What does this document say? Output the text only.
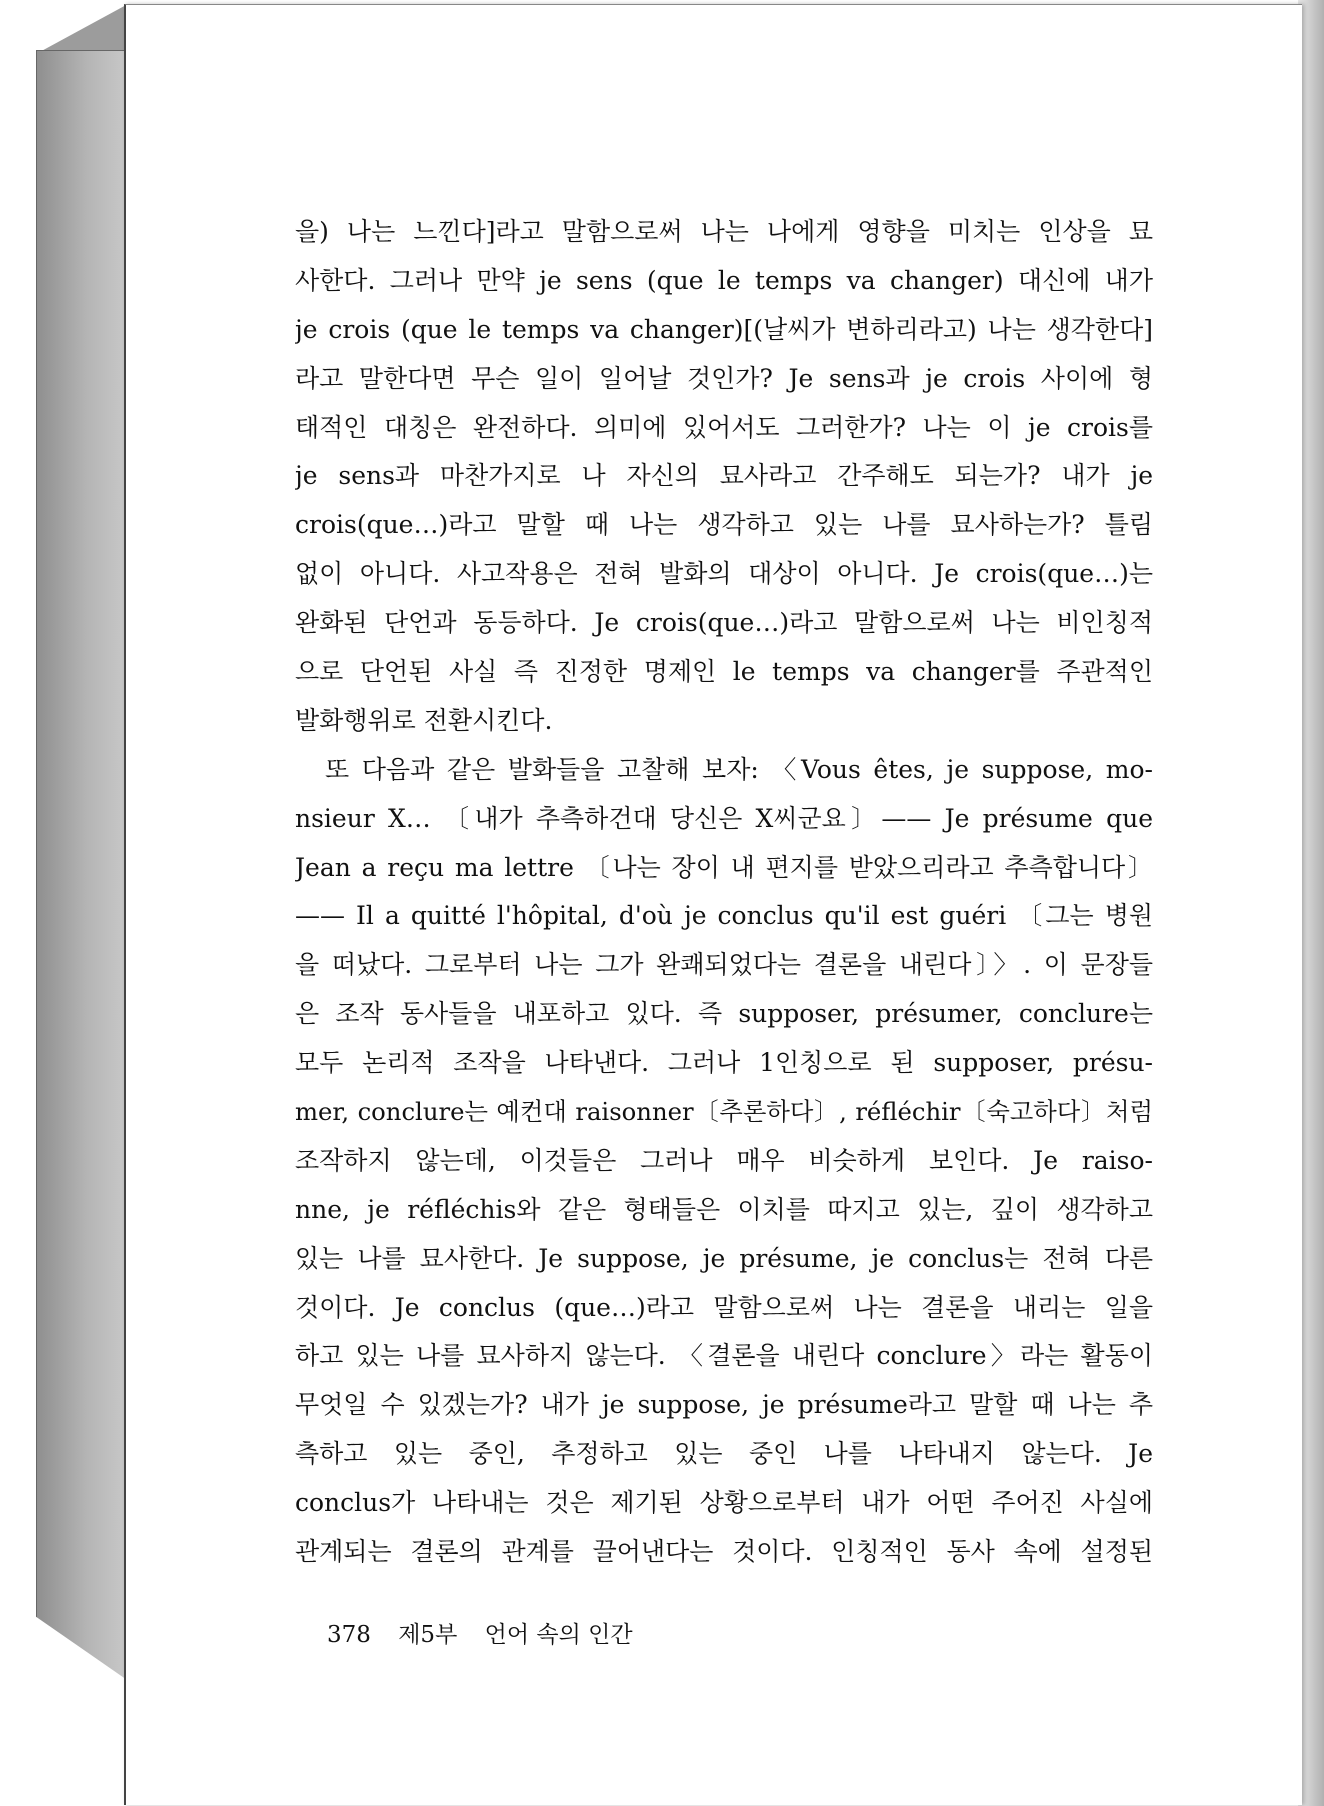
을) 나는 느낀다]라고 말함으로써 나는 나에게 영향을 미치는 인상을 묘
사한다. 그러나 만약 je sens (que le temps va changer) 대신에 내가
je crois (que le temps va changer)[(날씨가 변하리라고) 나는 생각한다]
라고 말한다면 무슨 일이 일어날 것인가? Je sens과 je crois 사이에 형
태적인 대칭은 완전하다. 의미에 있어서도 그러한가? 나는 이 je crois를
je sens과 마찬가지로 나 자신의 묘사라고 간주해도 되는가? 내가 je
crois(que…)라고 말할 때 나는 생각하고 있는 나를 묘사하는가? 틀림
없이 아니다. 사고작용은 전혀 발화의 대상이 아니다. Je crois(que…)는
완화된 단언과 동등하다. Je crois(que…)라고 말함으로써 나는 비인칭적
으로 단언된 사실 즉 진정한 명제인 le temps va changer를 주관적인
발화행위로 전환시킨다.
또 다음과 같은 발화들을 고찰해 보자: 〈Vous êtes, je suppose, mo-
nsieur X… 〔내가 추측하건대 당신은 X씨군요〕—— Je présume que
Jean a reçu ma lettre 〔나는 장이 내 편지를 받았으리라고 추측합니다〕
—— Il a quitté l'hôpital, d'où je conclus qu'il est guéri 〔그는 병원
을 떠났다. 그로부터 나는 그가 완쾌되었다는 결론을 내린다〕〉. 이 문장들
은 조작 동사들을 내포하고 있다. 즉 supposer, présumer, conclure는
모두 논리적 조작을 나타낸다. 그러나 1인칭으로 된 supposer, présu-
mer, conclure는 예컨대 raisonner〔추론하다〕, réfléchir〔숙고하다〕처럼
조작하지 않는데, 이것들은 그러나 매우 비슷하게 보인다. Je raiso-
nne, je réfléchis와 같은 형태들은 이치를 따지고 있는, 깊이 생각하고
있는 나를 묘사한다. Je suppose, je présume, je conclus는 전혀 다른
것이다. Je conclus (que…)라고 말함으로써 나는 결론을 내리는 일을
하고 있는 나를 묘사하지 않는다. 〈결론을 내린다 conclure〉라는 활동이
무엇일 수 있겠는가? 내가 je suppose, je présume라고 말할 때 나는 추
측하고 있는 중인, 추정하고 있는 중인 나를 나타내지 않는다. Je
conclus가 나타내는 것은 제기된 상황으로부터 내가 어떤 주어진 사실에
관계되는 결론의 관계를 끌어낸다는 것이다. 인칭적인 동사 속에 설정된
378 제5부 언어 속의 인간
